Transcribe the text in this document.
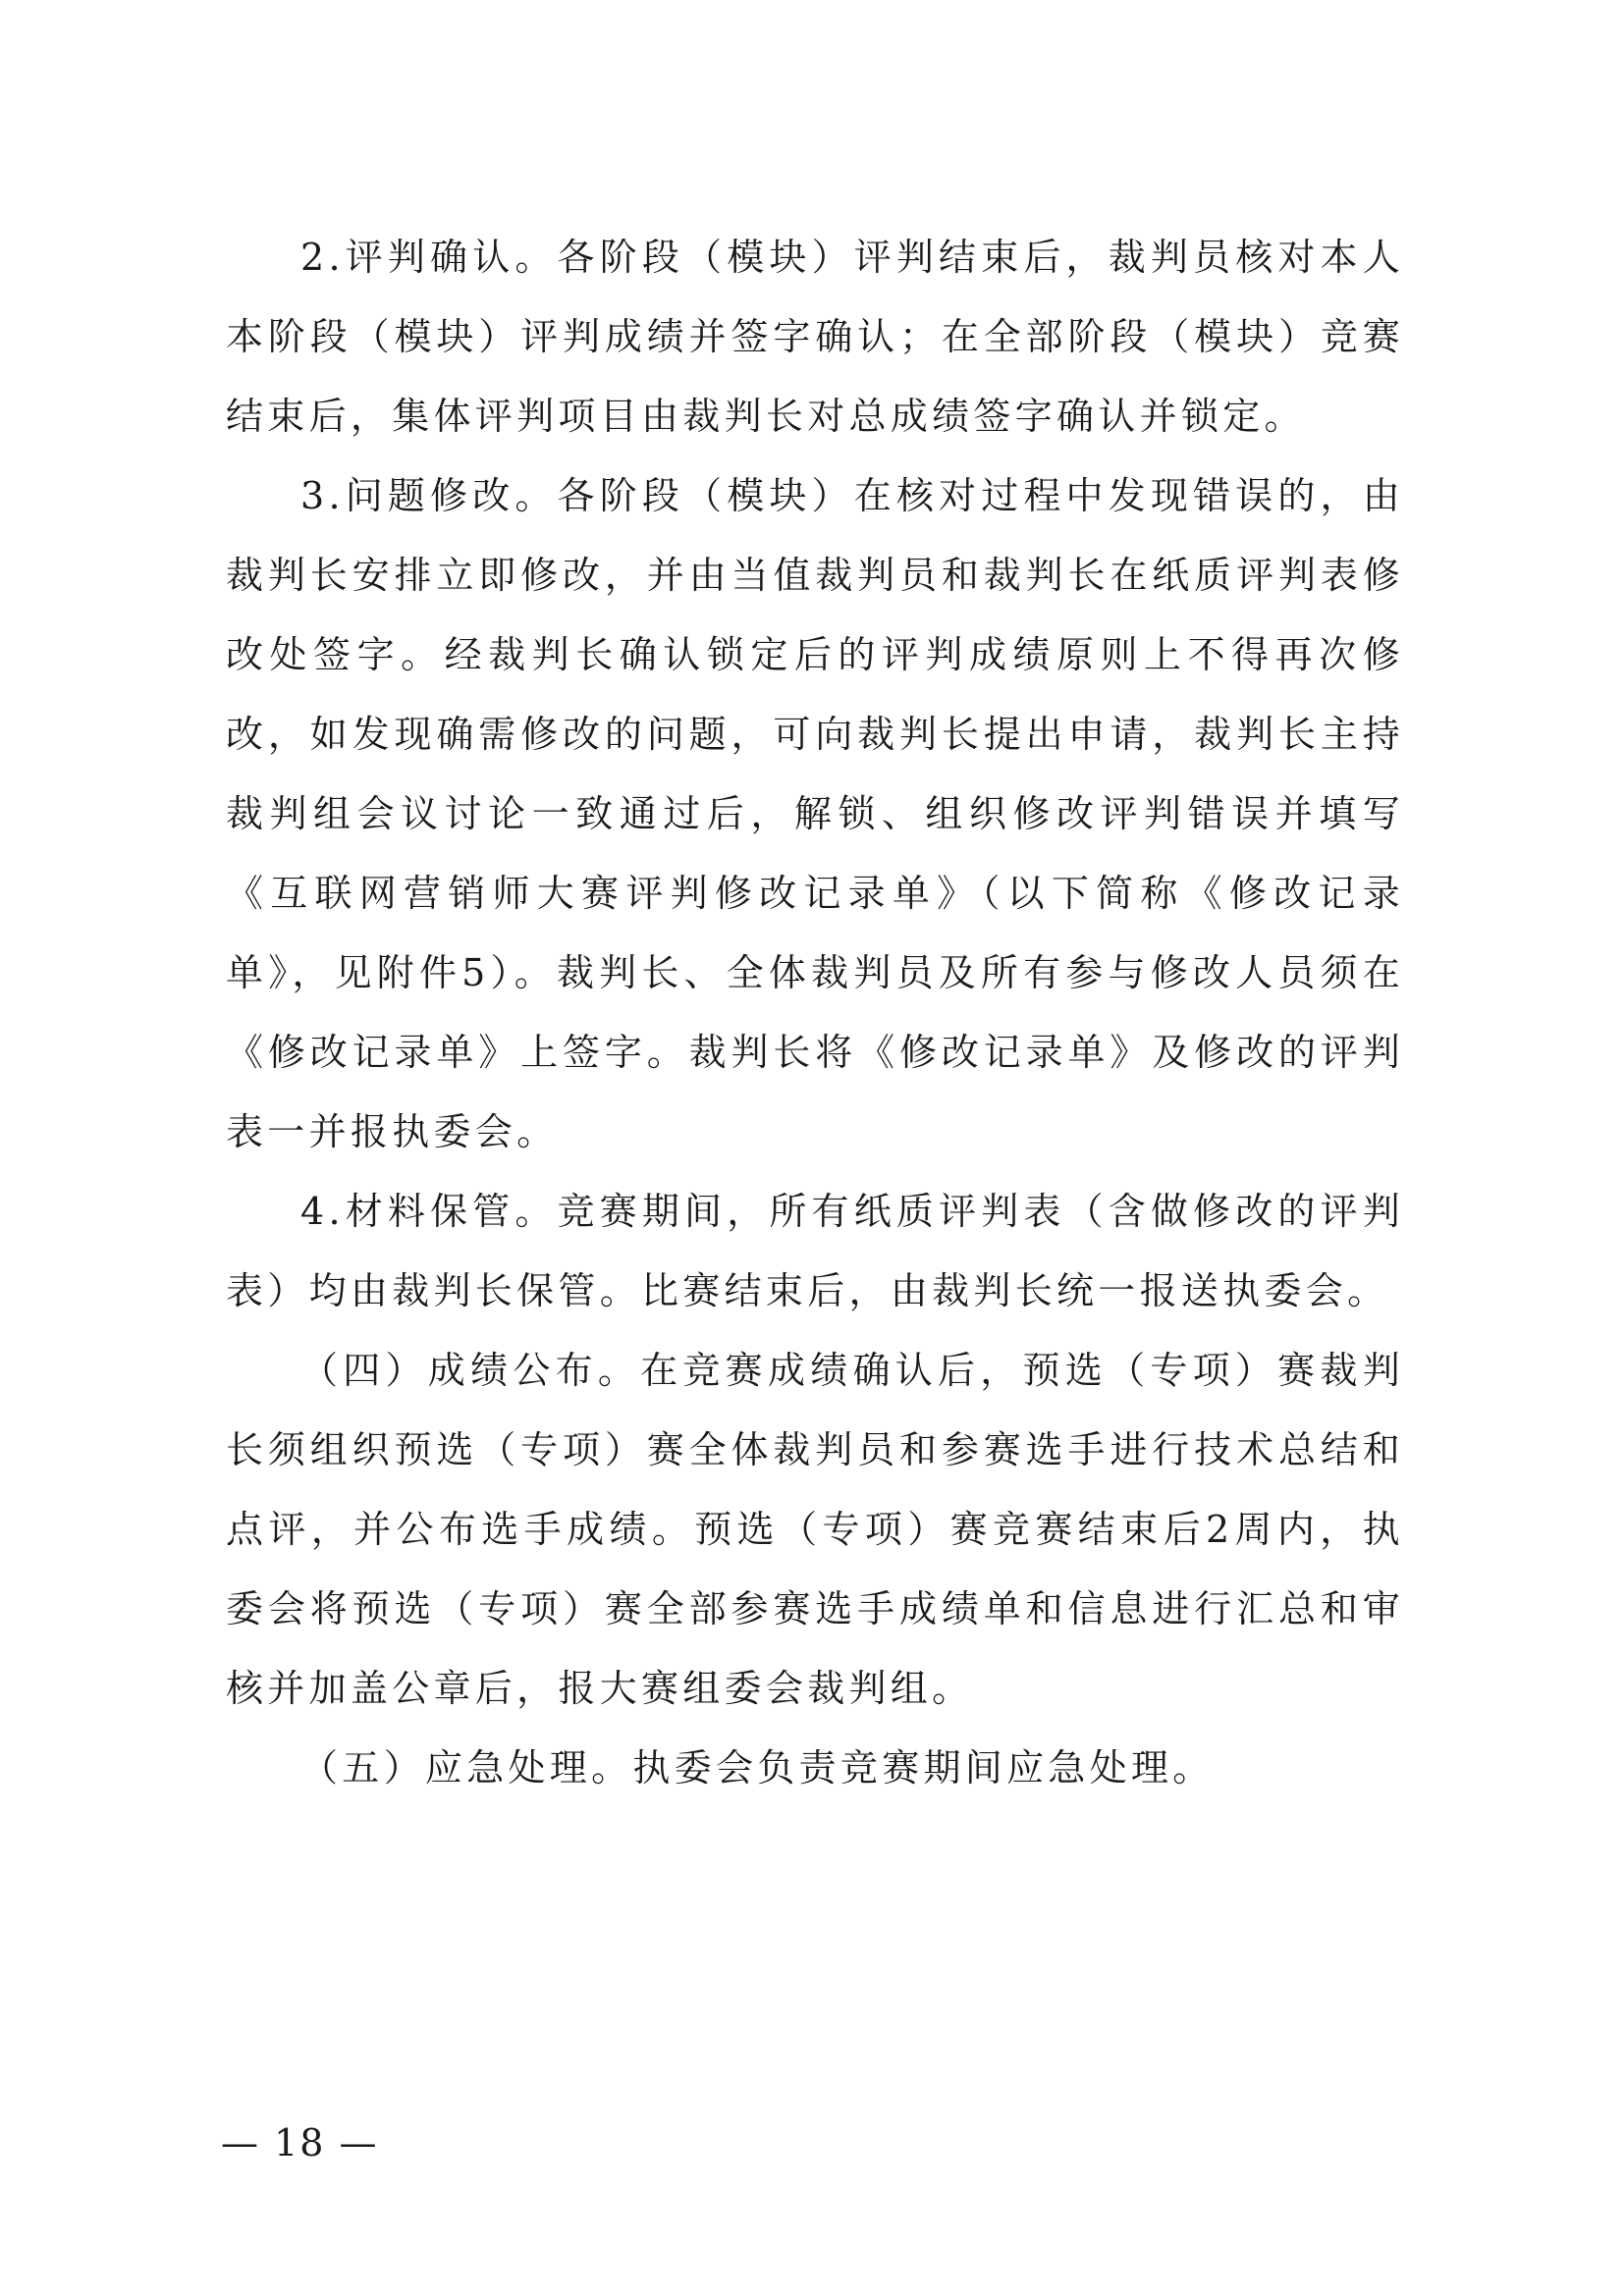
2.评判确认。各阶段（模块）评判结束后，裁判员核对本人本阶段（模块）评判成绩并签字确认；在全部阶段（模块）竞赛结束后，集体评判项目由裁判长对总成绩签字确认并锁定。

3.问题修改。各阶段（模块）在核对过程中发现错误的，由裁判长安排立即修改，并由当值裁判员和裁判长在纸质评判表修改处签字。经裁判长确认锁定后的评判成绩原则上不得再次修改，如发现确需修改的问题，可向裁判长提出申请，裁判长主持裁判组会议讨论一致通过后，解锁、组织修改评判错误并填写《互联网营销师大赛评判修改记录单》（以下简称《修改记录单》，见附件5）。裁判长、全体裁判员及所有参与修改人员须在《修改记录单》上签字。裁判长将《修改记录单》及修改的评判表一并报执委会。

4.材料保管。竞赛期间，所有纸质评判表（含做修改的评判表）均由裁判长保管。比赛结束后，由裁判长统一报送执委会。

（四）成绩公布。在竞赛成绩确认后，预选（专项）赛裁判长须组织预选（专项）赛全体裁判员和参赛选手进行技术总结和点评，并公布选手成绩。预选（专项）赛竞赛结束后2周内，执委会将预选（专项）赛全部参赛选手成绩单和信息进行汇总和审核并加盖公章后，报大赛组委会裁判组。

（五）应急处理。执委会负责竞赛期间应急处理。

— 18 —
